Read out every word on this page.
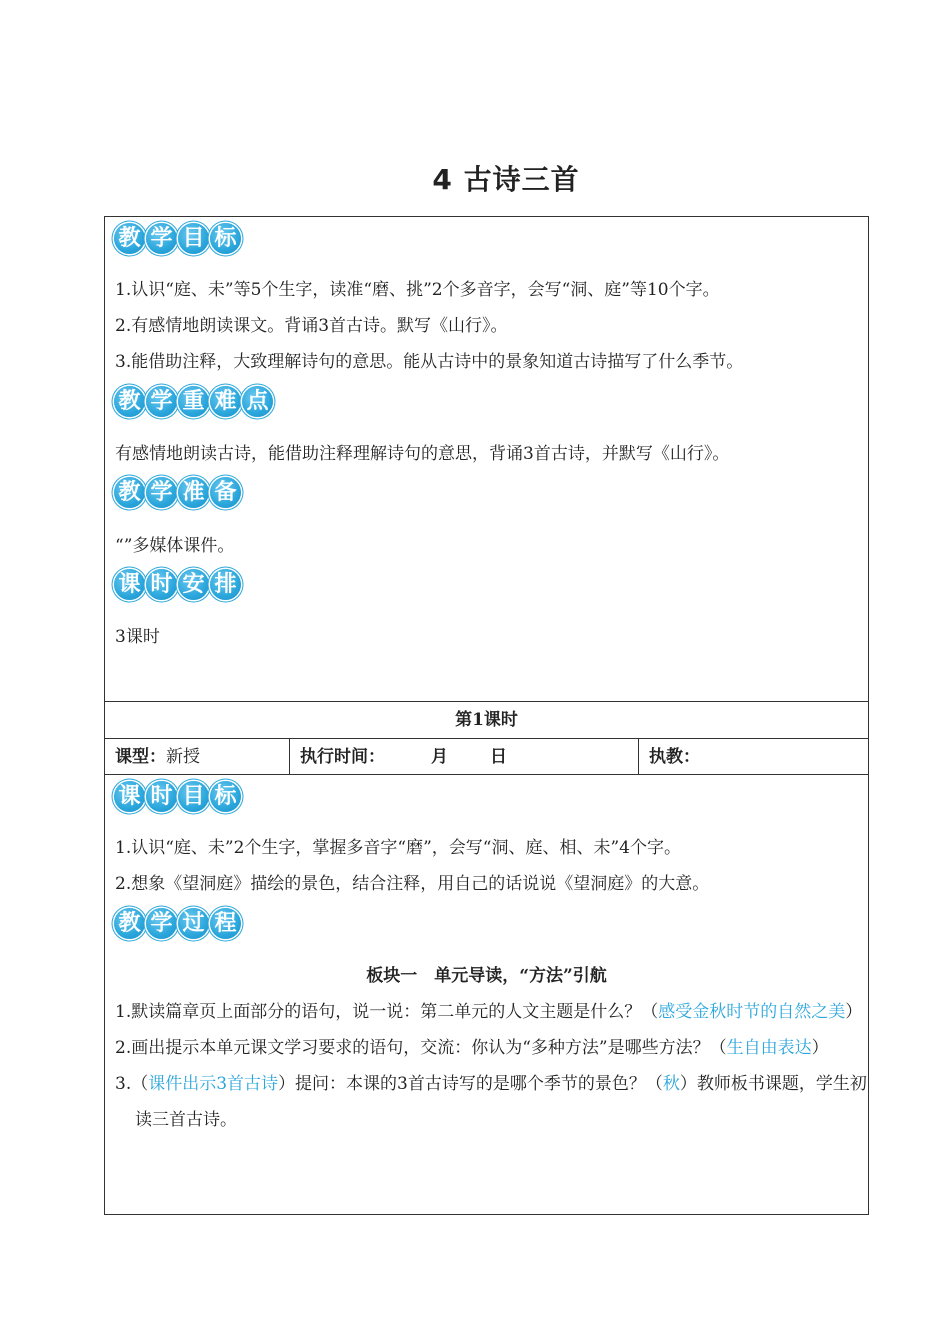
4 古诗三首
教 学 目 标
1.认识“庭、未”等5个生字，读准“磨、挑”2个多音字，会写“洞、庭”等10个字。
2.有感情地朗读课文。背诵3首古诗。默写《山行》。
3.能借助注释，大致理解诗句的意思。能从古诗中的景象知道古诗描写了什么季节。
教 学 重 难 点
有感情地朗读古诗，能借助注释理解诗句的意思，背诵3首古诗，并默写《山行》。
教 学 准 备
“”多媒体课件。
课 时 安 排
3课时
第1课时
课型：新授	执行时间：	月 日	执教：
课 时 目 标
1.认识“庭、未”2个生字，掌握多音字“磨”，会写“洞、庭、相、未”4个字。
2.想象《望洞庭》描绘的景色，结合注释，用自己的话说说《望洞庭》的大意。
教 学 过 程
板块一　单元导读，“方法”引航
1.默读篇章页上面部分的语句，说一说：第二单元的人文主题是什么？（感受金秋时节的自然之美）
2.画出提示本单元课文学习要求的语句，交流：你认为“多种方法”是哪些方法？（生自由表达）
3.（课件出示3首古诗）提问：本课的3首古诗写的是哪个季节的景色？（秋）教师板书课题，学生初读三首古诗。
